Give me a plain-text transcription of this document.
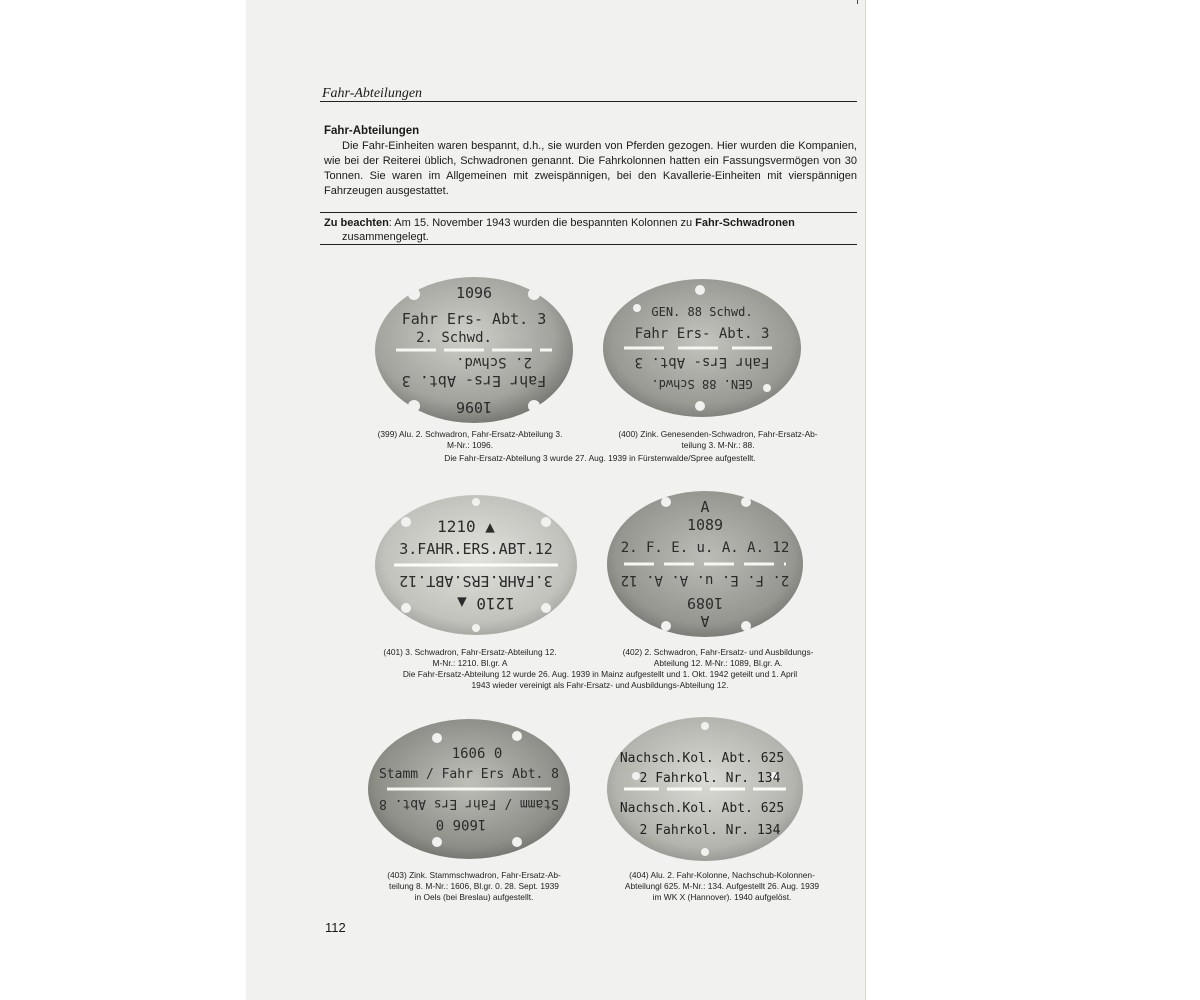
Fahr-Abteilungen
Fahr-Abteilungen
Die Fahr-Einheiten waren bespannt, d.h., sie wurden von Pferden gezogen. Hier wurden die Kompanien, wie bei der Reiterei üblich, Schwadronen genannt. Die Fahrkolonnen hatten ein Fassungsvermögen von 30 Tonnen. Sie waren im Allgemeinen mit zweispännigen, bei den Kavallerie-Einheiten mit vierspännigen Fahrzeugen ausgestattet.
Zu beachten: Am 15. November 1943 wurden die bespannten Kolonnen zu Fahr-Schwadronen
zusammengelegt.
1096
Fahr Ers- Abt. 3
2. Schwd.
1096
Fahr Ers- Abt. 3
2. Schwd.
GEN. 88 Schwd.
Fahr Ers- Abt. 3
GEN. 88 Schwd.
Fahr Ers- Abt. 3
(399) Alu. 2. Schwadron, Fahr-Ersatz-Abteilung 3.
M-Nr.: 1096.
(400) Zink. Genesenden-Schwadron, Fahr-Ersatz-Ab-
teilung 3. M-Nr.: 88.
Die Fahr-Ersatz-Abteilung 3 wurde 27. Aug. 1939 in Fürstenwalde/Spree aufgestellt.
1210 ▲
3.FAHR.ERS.ABT.12
1210 ▲
3.FAHR.ERS.ABT.12
A
1089
2. F. E. u. A. A. 12
A
1089
2. F. E. u. A. A. 12
(401) 3. Schwadron, Fahr-Ersatz-Abteilung 12.
M-Nr.: 1210. Bl.gr. A
(402) 2. Schwadron, Fahr-Ersatz- und Ausbildungs-
Abteilung 12. M-Nr.: 1089, Bl.gr. A.
Die Fahr-Ersatz-Abteilung 12 wurde 26. Aug. 1939 in Mainz aufgestellt und 1. Okt. 1942 geteilt und 1. April
1943 wieder vereinigt als Fahr-Ersatz- und Ausbildungs-Abteilung 12.
1606 0
Stamm / Fahr Ers Abt. 8
1606 0
Stamm / Fahr Ers Abt. 8
Nachsch.Kol. Abt. 625
2 Fahrkol. Nr. 134
Nachsch.Kol. Abt. 625
2 Fahrkol. Nr. 134
(403) Zink. Stammschwadron, Fahr-Ersatz-Ab-
teilung 8. M-Nr.: 1606, Bl.gr. 0. 28. Sept. 1939
in Oels (bei Breslau) aufgestellt.
(404) Alu. 2. Fahr-Kolonne, Nachschub-Kolonnen-
Abteilungl 625. M-Nr.: 134. Aufgestellt 26. Aug. 1939
im WK X (Hannover). 1940 aufgelöst.
112
